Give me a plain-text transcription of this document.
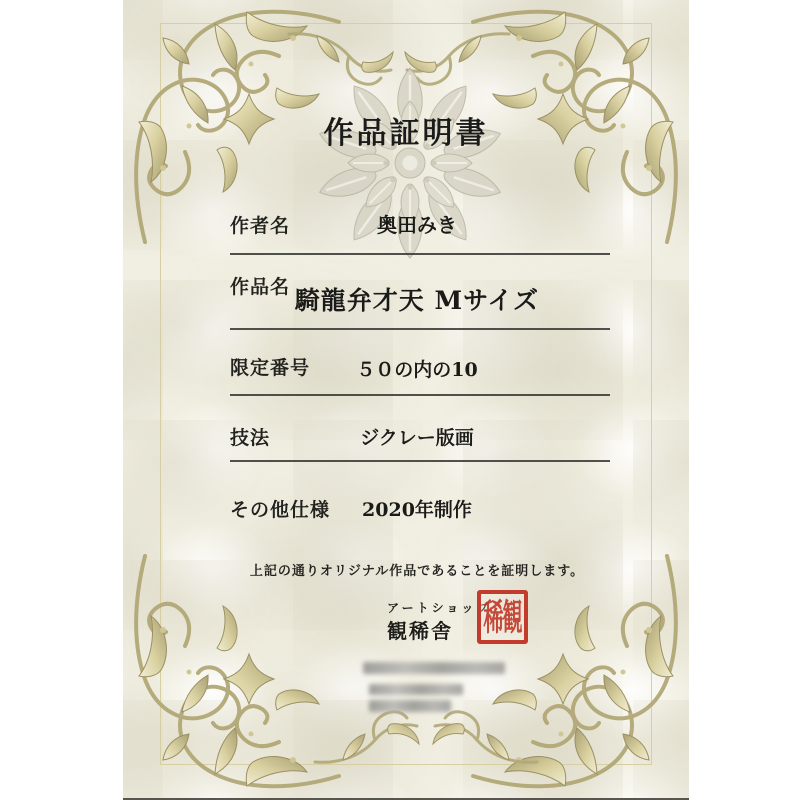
作品証明書
作者名	奥田みき
作品名 騎龍弁才天 Mサイズ
限定番号	５０の内の10
技法	ジクレー版画
その他仕様	2020年制作
上記の通りオリジナル作品であることを証明します。
アートショップ
観稀舎 稀 観
